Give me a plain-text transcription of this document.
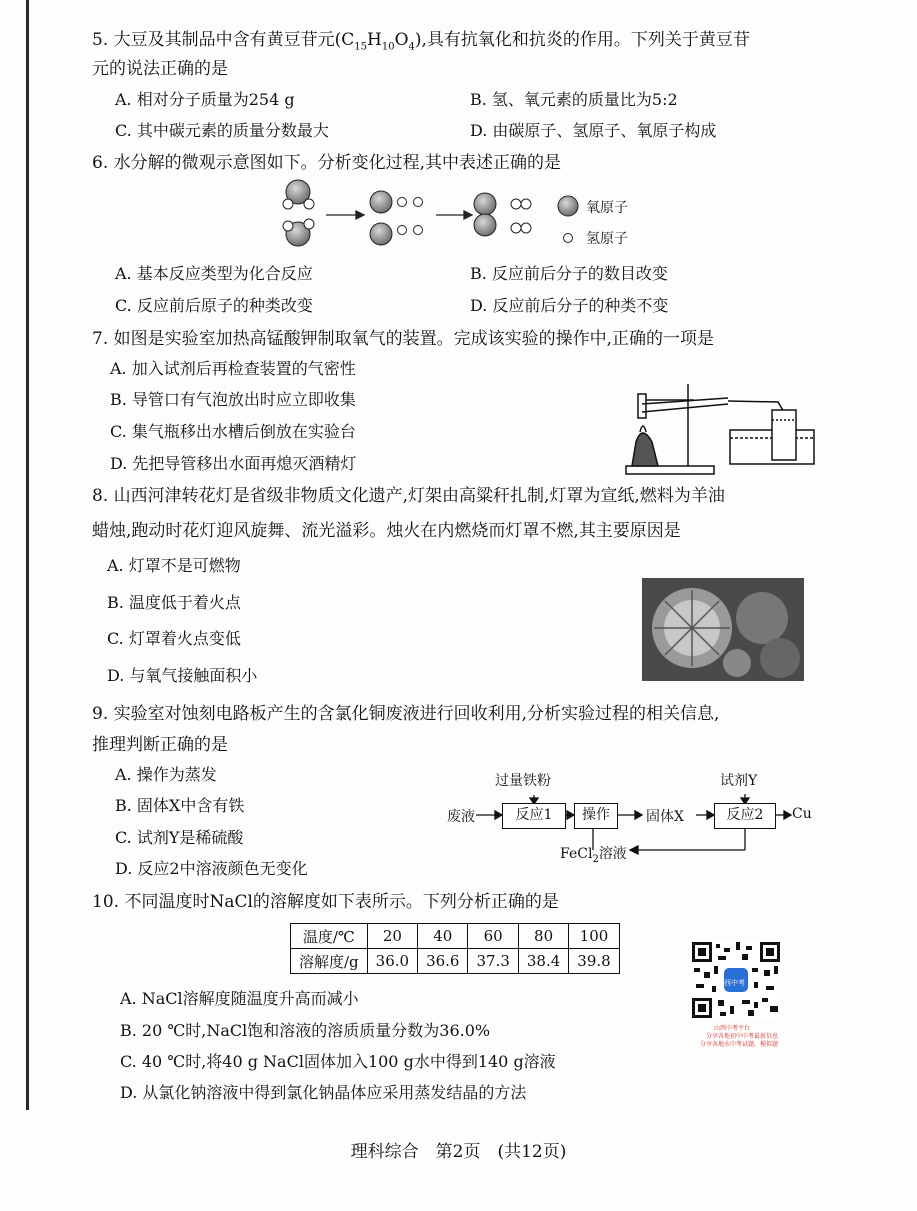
5. 大豆及其制品中含有黄豆苷元$(C_{15}H_{10}O_4)$,具有抗氧化和抗炎的作用。下列关于黄豆苷
元的说法正确的是
A. 相对分子质量为254 g	B. 氢、氧元素的质量比为5:2
C. 其中碳元素的质量分数最大	D. 由碳原子、氢原子、氧原子构成
6. 水分解的微观示意图如下。分析变化过程,其中表述正确的是
氧原子
氢原子
A. 基本反应类型为化合反应	B. 反应前后分子的数目改变
C. 反应前后原子的种类改变	D. 反应前后分子的种类不变
7. 如图是实验室加热高锰酸钾制取氧气的装置。完成该实验的操作中,正确的一项是
A. 加入试剂后再检查装置的气密性
B. 导管口有气泡放出时应立即收集
C. 集气瓶移出水槽后倒放在实验台
D. 先把导管移出水面再熄灭酒精灯
8. 山西河津转花灯是省级非物质文化遗产,灯架由高粱秆扎制,灯罩为宣纸,燃料为羊油
蜡烛,跑动时花灯迎风旋舞、流光溢彩。烛火在内燃烧而灯罩不燃,其主要原因是
A. 灯罩不是可燃物
B. 温度低于着火点
C. 灯罩着火点变低
D. 与氧气接触面积小
9. 实验室对蚀刻电路板产生的含氯化铜废液进行回收利用,分析实验过程的相关信息,
推理判断正确的是
A. 操作为蒸发
B. 固体X中含有铁
C. 试剂Y是稀硫酸
D. 反应2中溶液颜色无变化
废液
过量铁粉
反应1	操作	固体X
试剂Y
反应2	Cu
FeCl$_2$溶液
10. 不同温度时NaCl的溶解度如下表所示。下列分析正确的是
温度/℃	20	40	60	80	100
溶解度/g	36.0	36.6	37.3	38.4	39.8
A. NaCl溶解度随温度升高而减小
B. 20 ℃时,NaCl饱和溶液的溶质质量分数为36.0%
C. 40 ℃时,将40 g NaCl固体加入100 g水中得到140 g溶液
D. 从氯化钠溶液中得到氯化钠晶体应采用蒸发结晶的方法
山西中考
山西中考平台
分享各地初中中考最新信息
分享各地水中考试题、模拟题
理科综合　第2页　(共12页)
